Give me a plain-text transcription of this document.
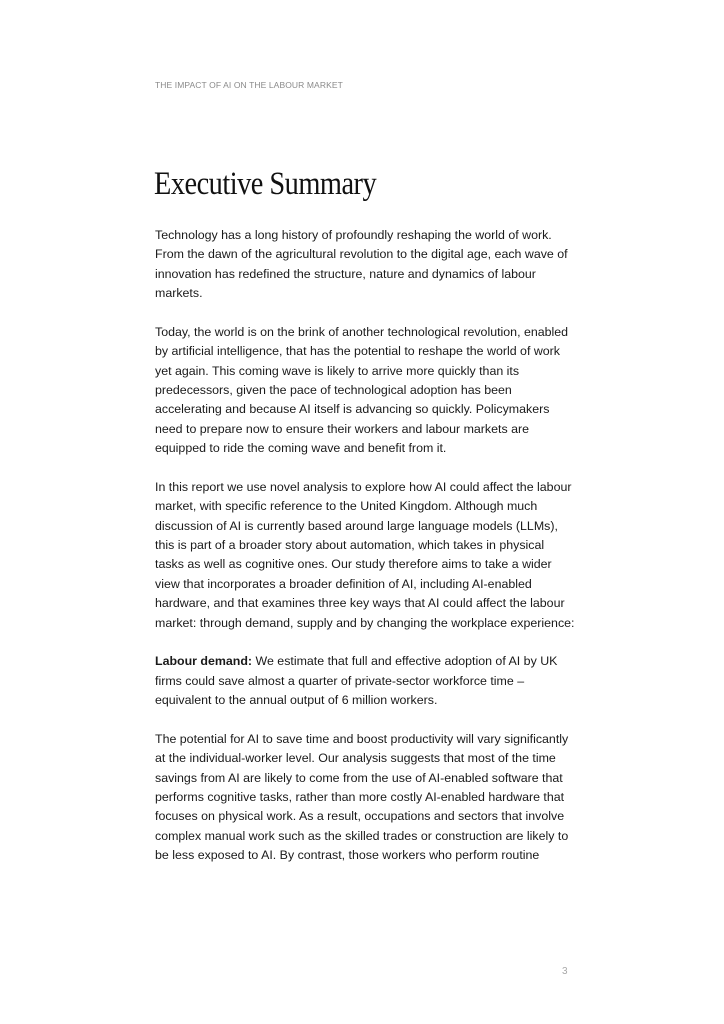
THE IMPACT OF AI ON THE LABOUR MARKET
Executive Summary

Technology has a long history of profoundly reshaping the world of work. From the dawn of the agricultural revolution to the digital age, each wave of innovation has redefined the structure, nature and dynamics of labour markets.

Today, the world is on the brink of another technological revolution, enabled by artificial intelligence, that has the potential to reshape the world of work yet again. This coming wave is likely to arrive more quickly than its predecessors, given the pace of technological adoption has been accelerating and because AI itself is advancing so quickly. Policymakers need to prepare now to ensure their workers and labour markets are equipped to ride the coming wave and benefit from it.

In this report we use novel analysis to explore how AI could affect the labour market, with specific reference to the United Kingdom. Although much discussion of AI is currently based around large language models (LLMs), this is part of a broader story about automation, which takes in physical tasks as well as cognitive ones. Our study therefore aims to take a wider view that incorporates a broader definition of AI, including AI-enabled hardware, and that examines three key ways that AI could affect the labour market: through demand, supply and by changing the workplace experience:

Labour demand: We estimate that full and effective adoption of AI by UK firms could save almost a quarter of private-sector workforce time – equivalent to the annual output of 6 million workers.

The potential for AI to save time and boost productivity will vary significantly at the individual-worker level. Our analysis suggests that most of the time savings from AI are likely to come from the use of AI-enabled software that performs cognitive tasks, rather than more costly AI-enabled hardware that focuses on physical work. As a result, occupations and sectors that involve complex manual work such as the skilled trades or construction are likely to be less exposed to AI. By contrast, those workers who perform routine

3
